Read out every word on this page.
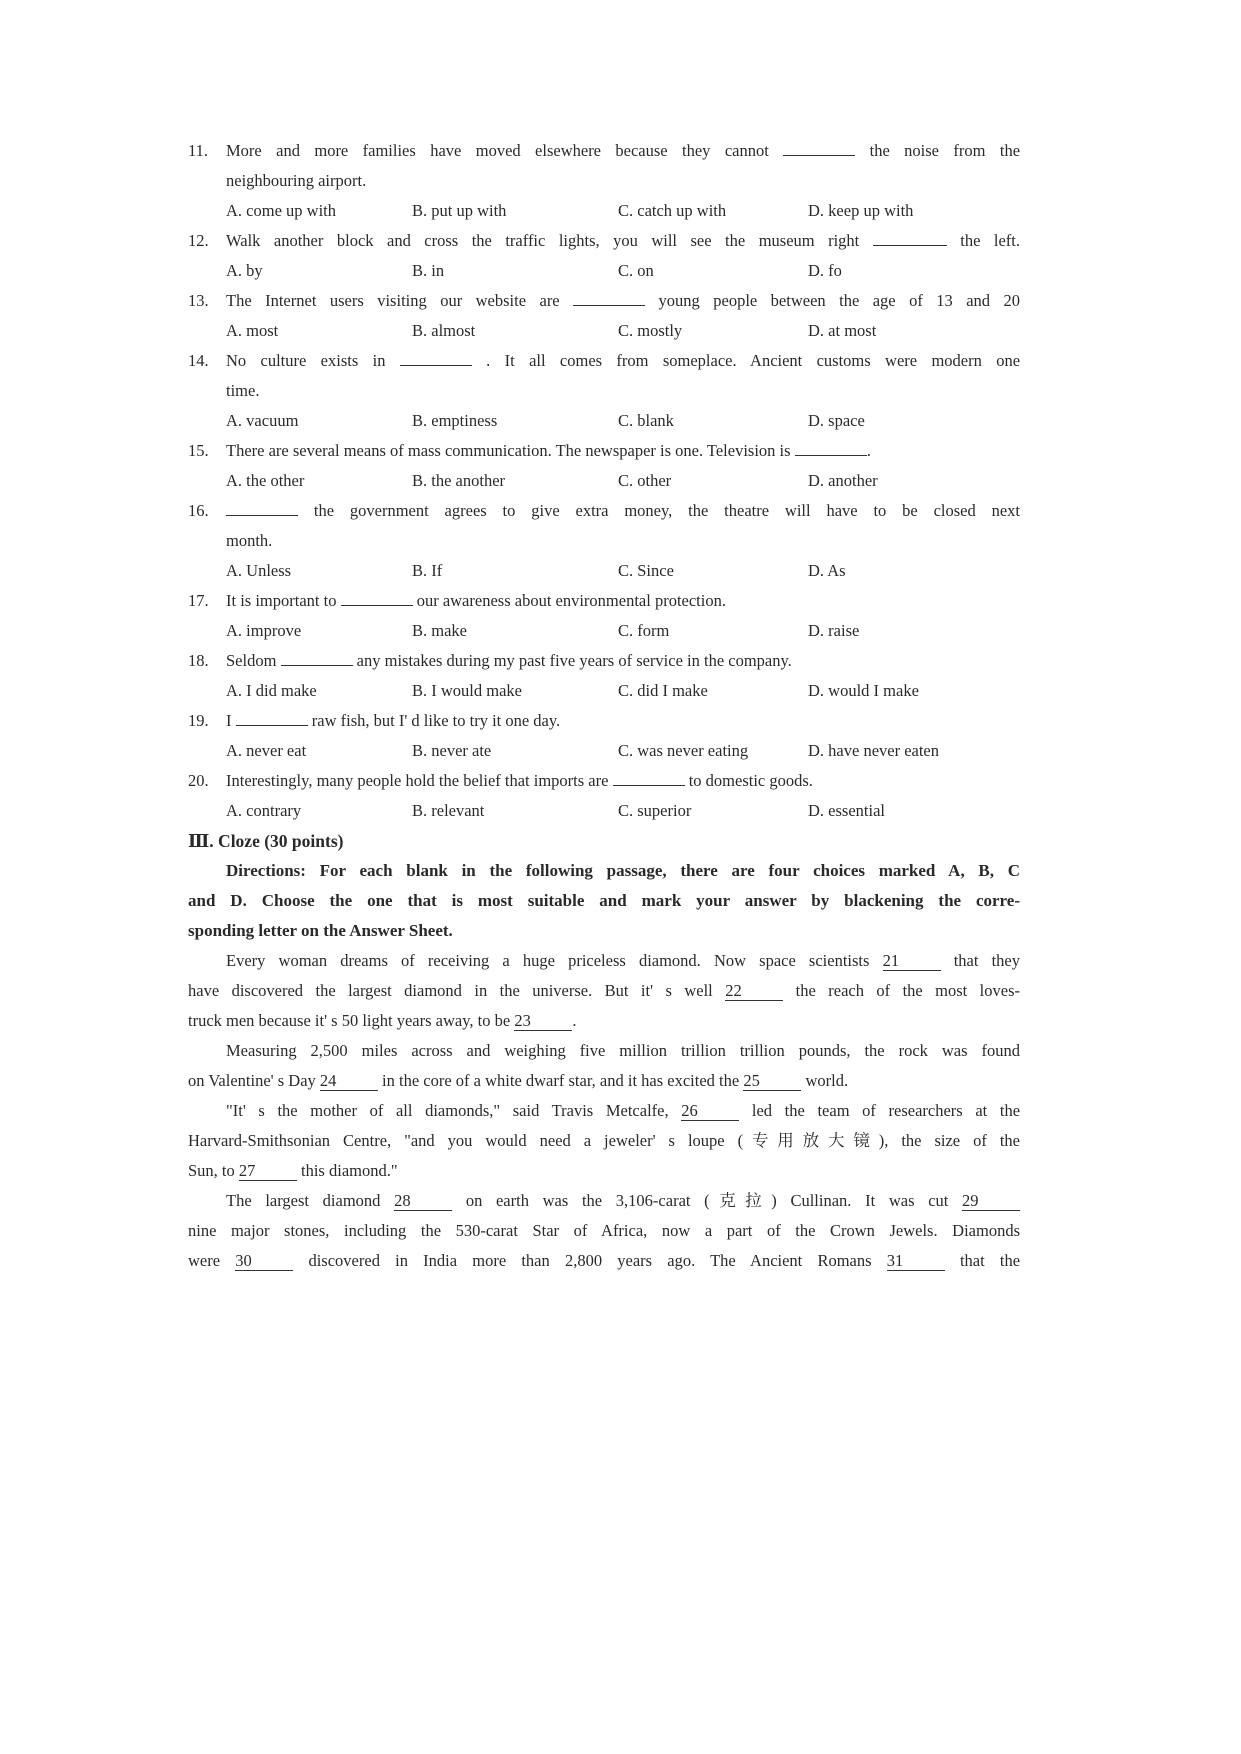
11.	More and more families have moved elsewhere because they cannot	the noise from the
neighbouring airport.
A. come up with	B. put up with	C. catch up with	D. keep up with
12.	Walk another block and cross the traffic lights, you will see the museum right	the left.
A. by	B. in	C. on	D. fo
13.	The Internet users visiting our website are	young people between the age of 13 and 20
A. most	B. almost	C. mostly	D. at most
14.	No culture exists in	. It all comes from someplace. Ancient customs were modern one
time.
A. vacuum	B. emptiness	C. blank	D. space
15.	There are several means of mass communication. The newspaper is one. Television is	.
A. the other	B. the another	C. other	D. another
16.	the government agrees to give extra money, the theatre will have to be closed next
month.
A. Unless	B. If	C. Since	D. As
17.	It is important to	our awareness about environmental protection.
A. improve	B. make	C. form	D. raise
18.	Seldom	any mistakes during my past five years of service in the company.
A. I did make	B. I would make	C. did I make	D. would I make
19.	I	raw fish, but I' d like to try it one day.
A. never eat	B. never ate	C. was never eating	D. have never eaten
20.	Interestingly, many people hold the belief that imports are	to domestic goods.
A. contrary	B. relevant	C. superior	D. essential
Ⅲ. Cloze (30 points)
Directions: For each blank in the following passage, there are four choices marked A, B, C
and D. Choose the one that is most suitable and mark your answer by blackening the corre-
sponding letter on the Answer Sheet.
Every woman dreams of receiving a huge priceless diamond. Now space scientists 21	that they
have discovered the largest diamond in the universe. But it' s well 22	the reach of the most loves-
truck men because it' s 50 light years away, to be 23	.
Measuring 2,500 miles across and weighing five million trillion trillion pounds, the rock was found
on Valentine' s Day 24	in the core of a white dwarf star, and it has excited the 25	world.
"It' s the mother of all diamonds," said Travis Metcalfe, 26	led the team of researchers at the
Harvard-Smithsonian Centre, "and you would need a jeweler' s loupe (专用放大镜), the size of the
Sun, to 27	this diamond."
The largest diamond 28	on earth was the 3,106-carat (克拉) Cullinan. It was cut 29
nine major stones, including the 530-carat Star of Africa, now a part of the Crown Jewels. Diamonds
were 30	discovered in India more than 2,800 years ago. The Ancient Romans 31	that the
